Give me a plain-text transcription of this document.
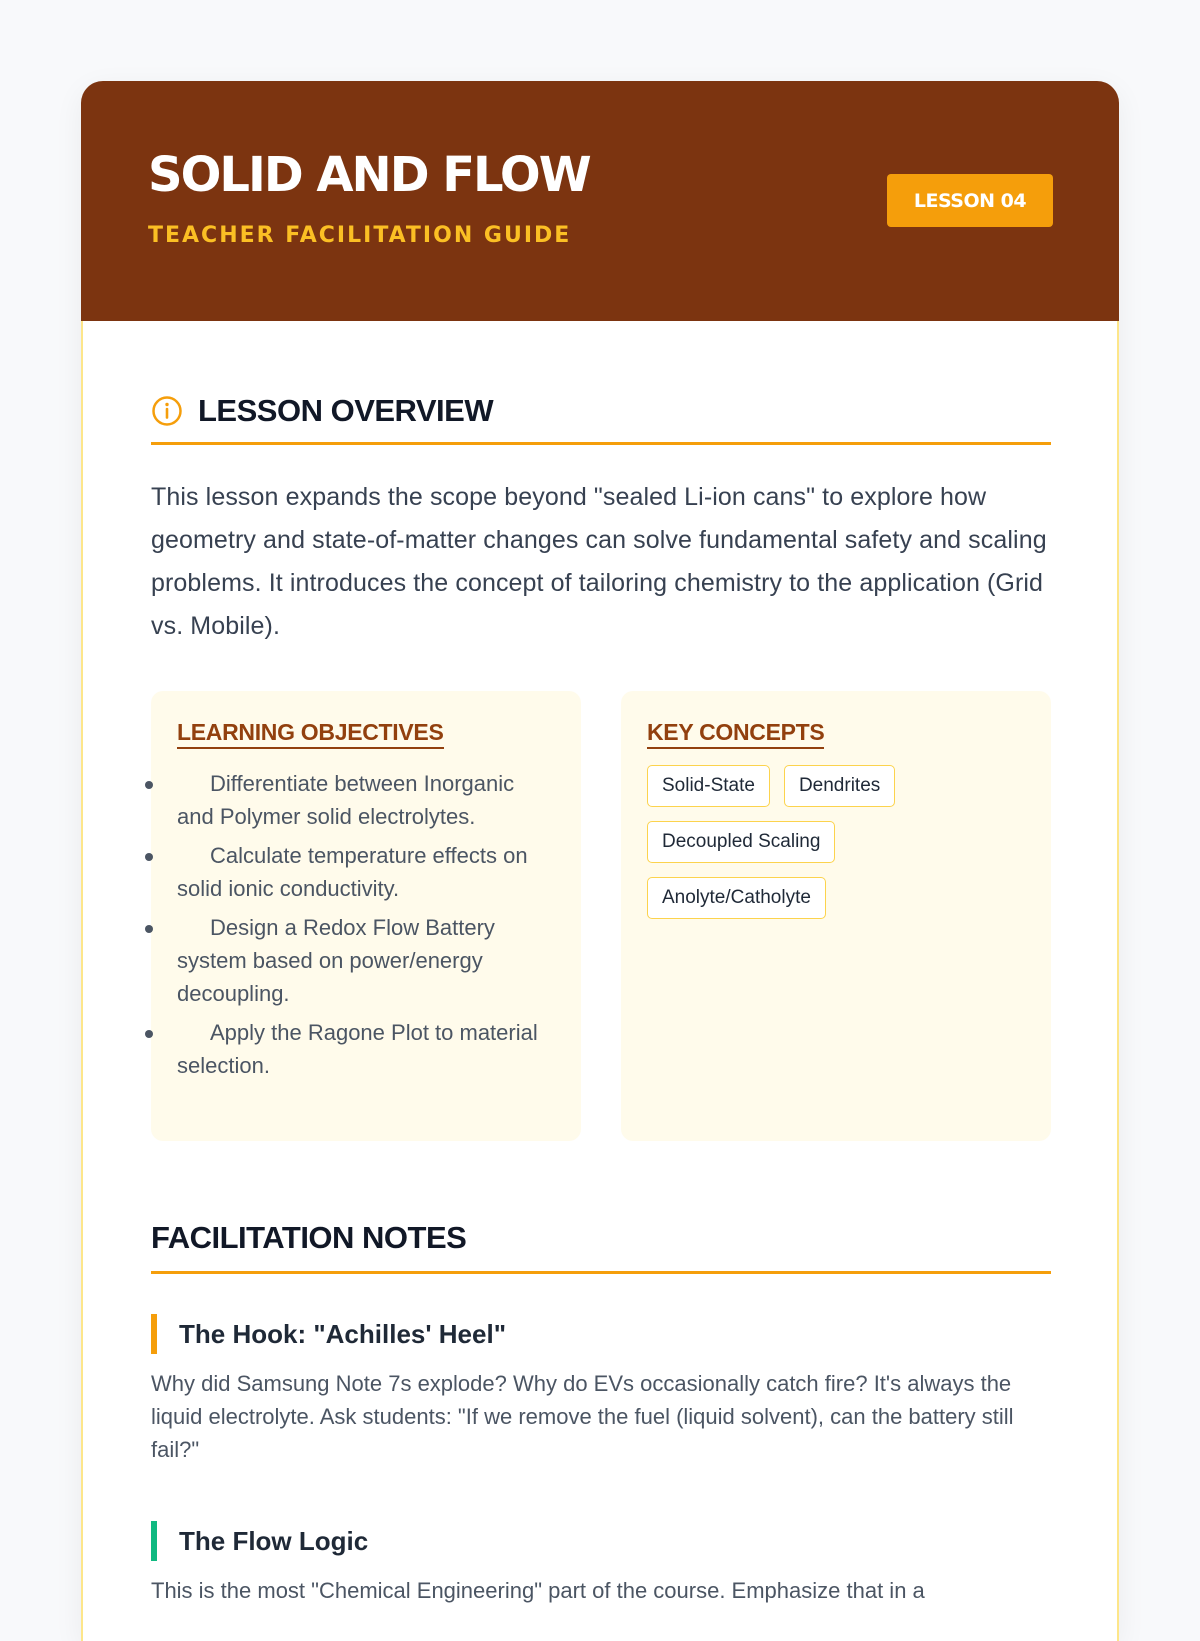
SOLID AND FLOW
TEACHER FACILITATION GUIDE
LESSON 04
LESSON OVERVIEW

This lesson expands the scope beyond "sealed Li-ion cans" to explore how geometry and state-of-matter changes can solve fundamental safety and scaling problems. It introduces the concept of tailoring chemistry to the application (Grid vs. Mobile).

LEARNING OBJECTIVES
Differentiate between Inorganic and Polymer solid electrolytes.
Calculate temperature effects on solid ionic conductivity.
Design a Redox Flow Battery system based on power/energy decoupling.
Apply the Ragone Plot to material selection.
KEY CONCEPTS
Solid-State	Dendrites
Decoupled Scaling
Anolyte/Catholyte
FACILITATION NOTES
The Hook: "Achilles' Heel"

Why did Samsung Note 7s explode? Why do EVs occasionally catch fire? It's always the liquid electrolyte. Ask students: "If we remove the fuel (liquid solvent), can the battery still fail?"

The Flow Logic

This is the most "Chemical Engineering" part of the course. Emphasize that in a
